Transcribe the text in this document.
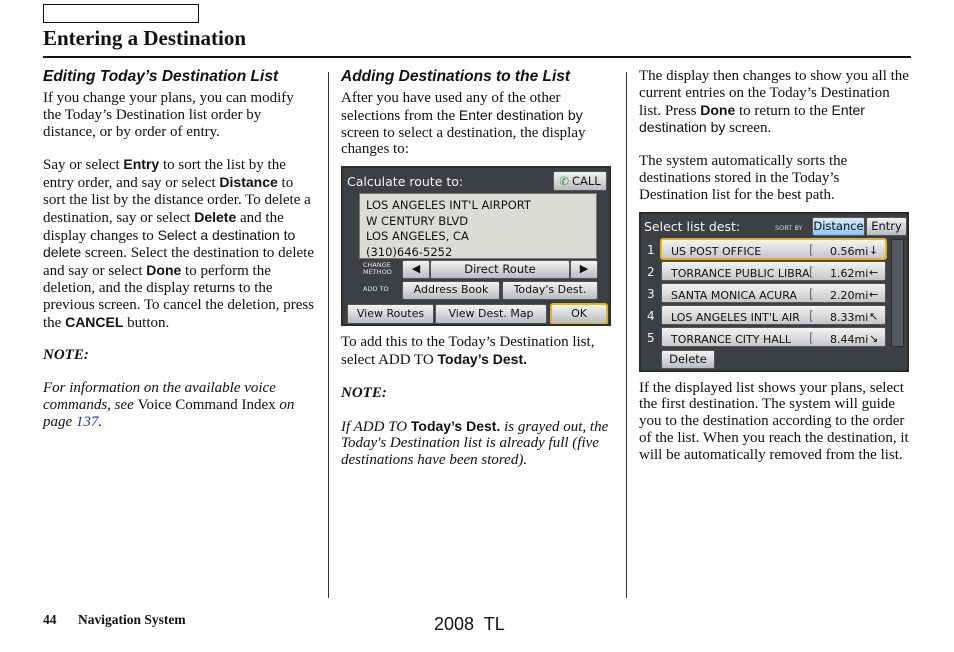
Entering a Destination
Editing Today’s Destination List

If you change your plans, you can modify the Today’s Destination list order by distance, or by order of entry.

Say or select Entry to sort the list by the entry order, and say or select Distance to sort the list by the distance order. To delete a destination, say or select Delete and the display changes to Select a destination to delete screen. Select the destination to delete and say or select Done to perform the deletion, and the display returns to the previous screen. To cancel the deletion, press the CANCEL button.

NOTE:

For information on the available voice commands, see Voice Command Index on page 137.

Adding Destinations to the List

After you have used any of the other selections from the Enter destination by screen to select a destination, the display changes to:

Calculate route to:	✆ CALL
LOS ANGELES INT'L AIRPORT
W CENTURY BLVD
LOS ANGELES, CA
(310)646-5252
CHANGE METHOD	◀	Direct Route	▶
ADD TO	Address Book	Today's Dest.
View Routes	View Dest. Map	OK

To add this to the Today’s Destination list, select ADD TO Today’s Dest.

NOTE:

If ADD TO Today’s Dest. is grayed out, the Today's Destination list is already full (five destinations have been stored).

The display then changes to show you all the current entries on the Today’s Destination list. Press Done to return to the Enter destination by screen.

The system automatically sorts the destinations stored in the Today’s Destination list for the best path.

Select list dest:	SORT BY Distance Entry
1 US POST OFFICE	[ 0.56mi ↓
2 TORRANCE PUBLIC LIBRA [ 1.62mi ←
3 SANTA MONICA ACURA [ 2.20mi ←
4 LOS ANGELES INT'L AIR [ 8.33mi ↖
5 TORRANCE CITY HALL [ 8.44mi ↘
Delete

If the displayed list shows your plans, select the first destination. The system will guide you to the destination according to the order of the list. When you reach the destination, it will be automatically removed from the list.

44 Navigation System	2008  TL
